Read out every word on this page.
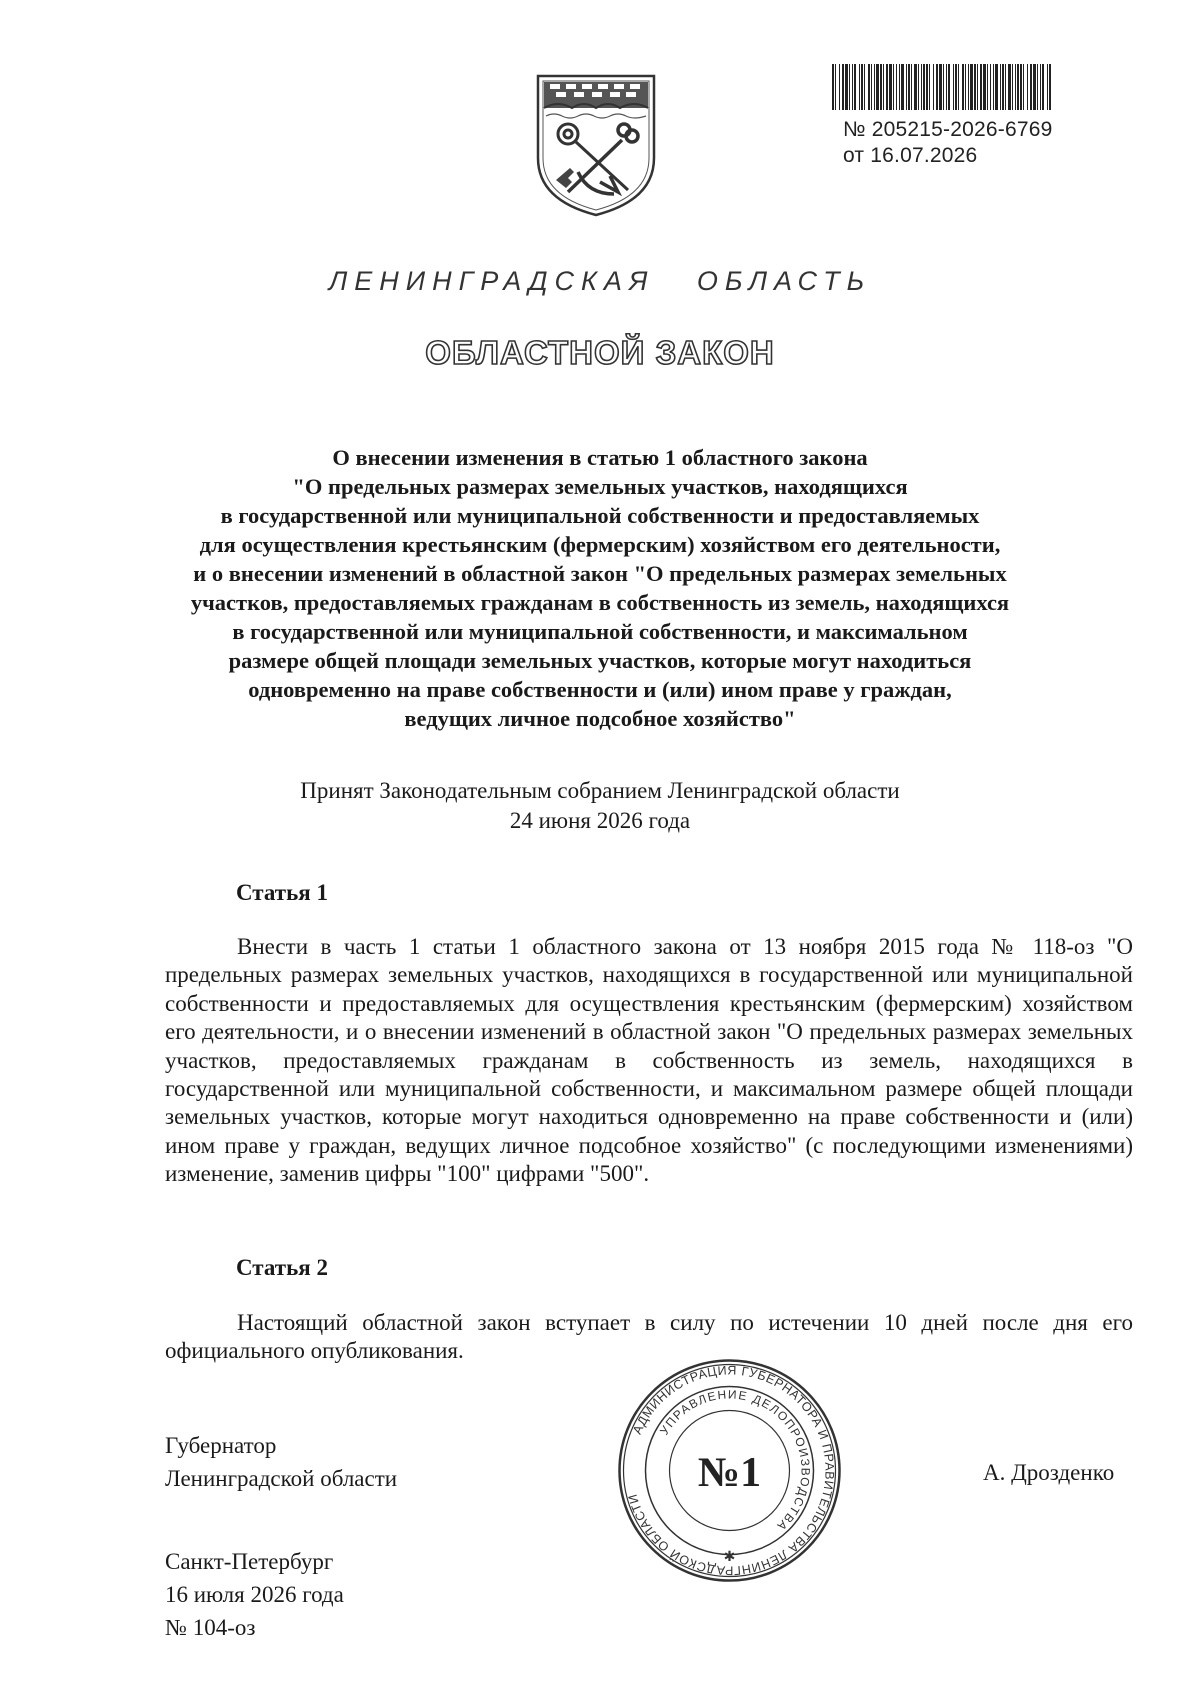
№ 205215-2026-6769
от 16.07.2026
ЛЕНИНГРАДСКАЯ ОБЛАСТЬ
ОБЛАСТНОЙ ЗАКОН
О внесении изменения в статью 1 областного закона
"О предельных размерах земельных участков, находящихся
в государственной или муниципальной собственности и предоставляемых
для осуществления крестьянским (фермерским) хозяйством его деятельности,
и о внесении изменений в областной закон "О предельных размерах земельных
участков, предоставляемых гражданам в собственность из земель, находящихся
в государственной или муниципальной собственности, и максимальном
размере общей площади земельных участков, которые могут находиться
одновременно на праве собственности и (или) ином праве у граждан,
ведущих личное подсобное хозяйство"
Принят Законодательным собранием Ленинградской области
24 июня 2026 года
Статья 1

Внести в часть 1 статьи 1 областного закона от 13 ноября 2015 года № 118-оз "О предельных размерах земельных участков, находящихся в государственной или муниципальной собственности и предоставляемых для осуществления крестьянским (фермерским) хозяйством его деятельности, и о внесении изменений в областной закон "О предельных размерах земельных участков, предоставляемых гражданам в собственность из земель, находящихся в государственной или муниципальной собственности, и максимальном размере общей площади земельных участков, которые могут находиться одновременно на праве собственности и (или) ином праве у граждан, ведущих личное подсобное хозяйство" (с последующими изменениями) изменение, заменив цифры "100" цифрами "500".

Статья 2

Настоящий областной закон вступает в силу по истечении 10 дней после дня его официального опубликования.

Губернатор
Ленинградской области	А. Дрозденко
АДМИНИСТРАЦИЯ ГУБЕРНАТОРА И ПРАВИТЕЛЬСТВА ЛЕНИНГРАДСКОЙ ОБЛАСТИ
УПРАВЛЕНИЕ ДЕЛОПРОИЗВОДСТВА
№1
✱
Санкт-Петербург
16 июля 2026 года
№ 104-оз
